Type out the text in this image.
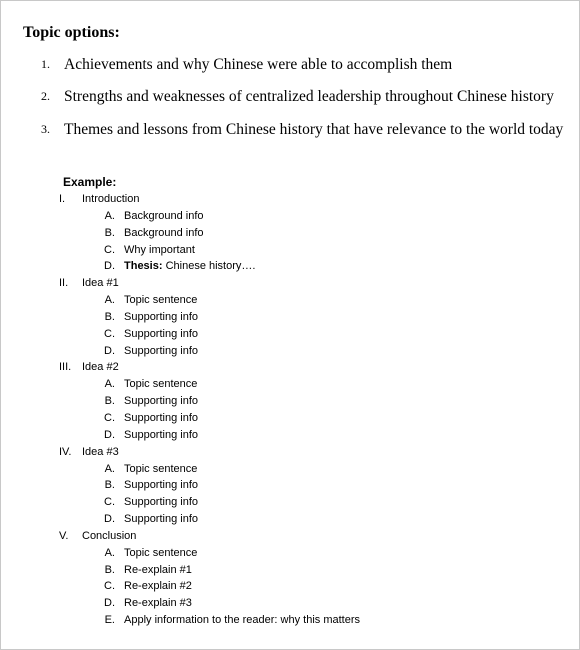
Topic options:
1. Achievements and why Chinese were able to accomplish them
2. Strengths and weaknesses of centralized leadership throughout Chinese history
3. Themes and lessons from Chinese history that have relevance to the world today
Example:
I. Introduction
A. Background info
B. Background info
C. Why important
D. Thesis: Chinese history….
II. Idea #1
A. Topic sentence
B. Supporting info
C. Supporting info
D. Supporting info
III. Idea #2
A. Topic sentence
B. Supporting info
C. Supporting info
D. Supporting info
IV. Idea #3
A. Topic sentence
B. Supporting info
C. Supporting info
D. Supporting info
V. Conclusion
A. Topic sentence
B. Re-explain #1
C. Re-explain #2
D. Re-explain #3
E. Apply information to the reader: why this matters
